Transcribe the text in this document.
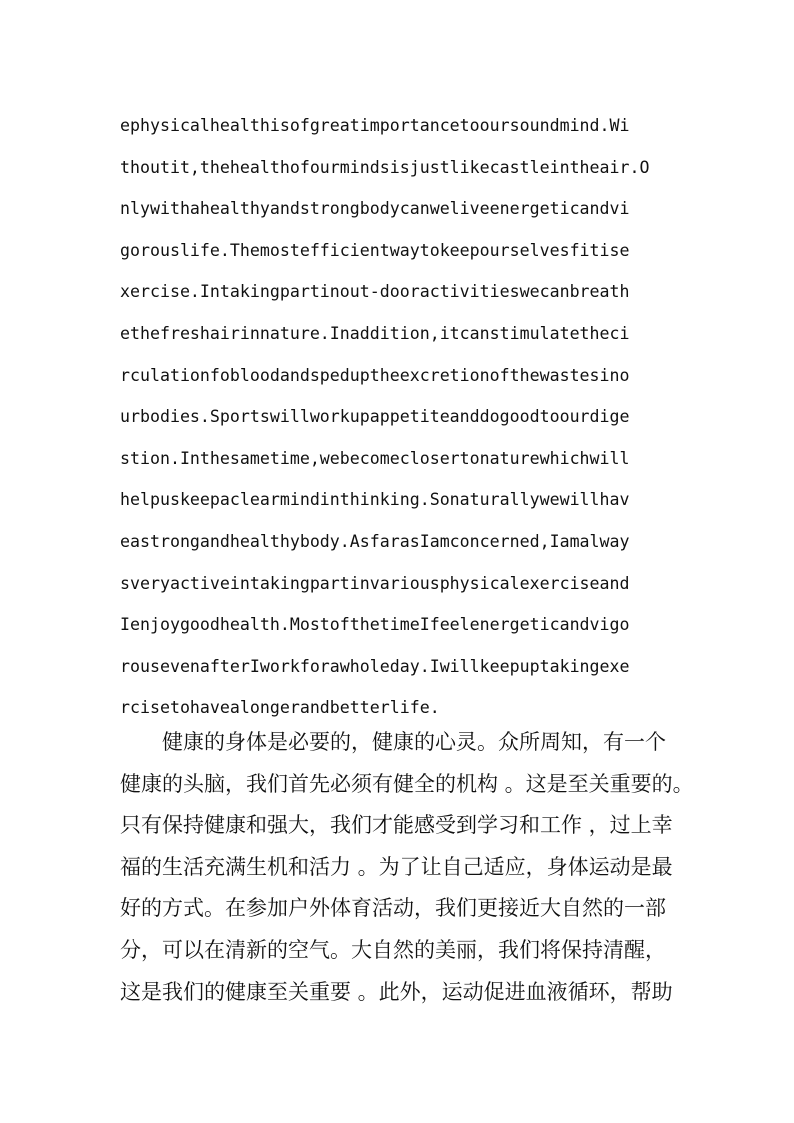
ephysicalhealthisofgreatimportancetooursoundmind.Wi
thoutit,thehealthofourmindsisjustlikecastleintheair.O
nlywithahealthyandstrongbodycanweliveenergeticandvi
gorouslife.Themostefficientwaytokeepourselvesfitise
xercise.Intakingpartinout-dooractivitieswecanbreath
ethefreshairinnature.Inaddition,itcanstimulatetheci
rculationfobloodandspeduptheexcretionofthewastesino
urbodies.Sportswillworkupappetiteanddogoodtoourdige
stion.Inthesametime,webecomeclosertonaturewhichwill
helpuskeepaclearmindinthinking.Sonaturallywewillhav
eastrongandhealthybody.AsfarasIamconcerned,Iamalway
sveryactiveintakingpartinvariousphysicalexerciseand
Ienjoygoodhealth.MostofthetimeIfeelenergeticandvigo
rousevenafterIworkforawholeday.Iwillkeepuptakingexe
rcisetohavealongerandbetterlife.
健康的身体是必要的，健康的心灵。众所周知，有一个
健康的头脑，我们首先必须有健全的机构 。这是至关重要的。
只有保持健康和强大，我们才能感受到学习和工作 ，过上幸
福的生活充满生机和活力 。为了让自己适应，身体运动是最
好的方式。在参加户外体育活动，我们更接近大自然的一部
分，可以在清新的空气。大自然的美丽，我们将保持清醒，
这是我们的健康至关重要 。此外，运动促进血液循环，帮助
